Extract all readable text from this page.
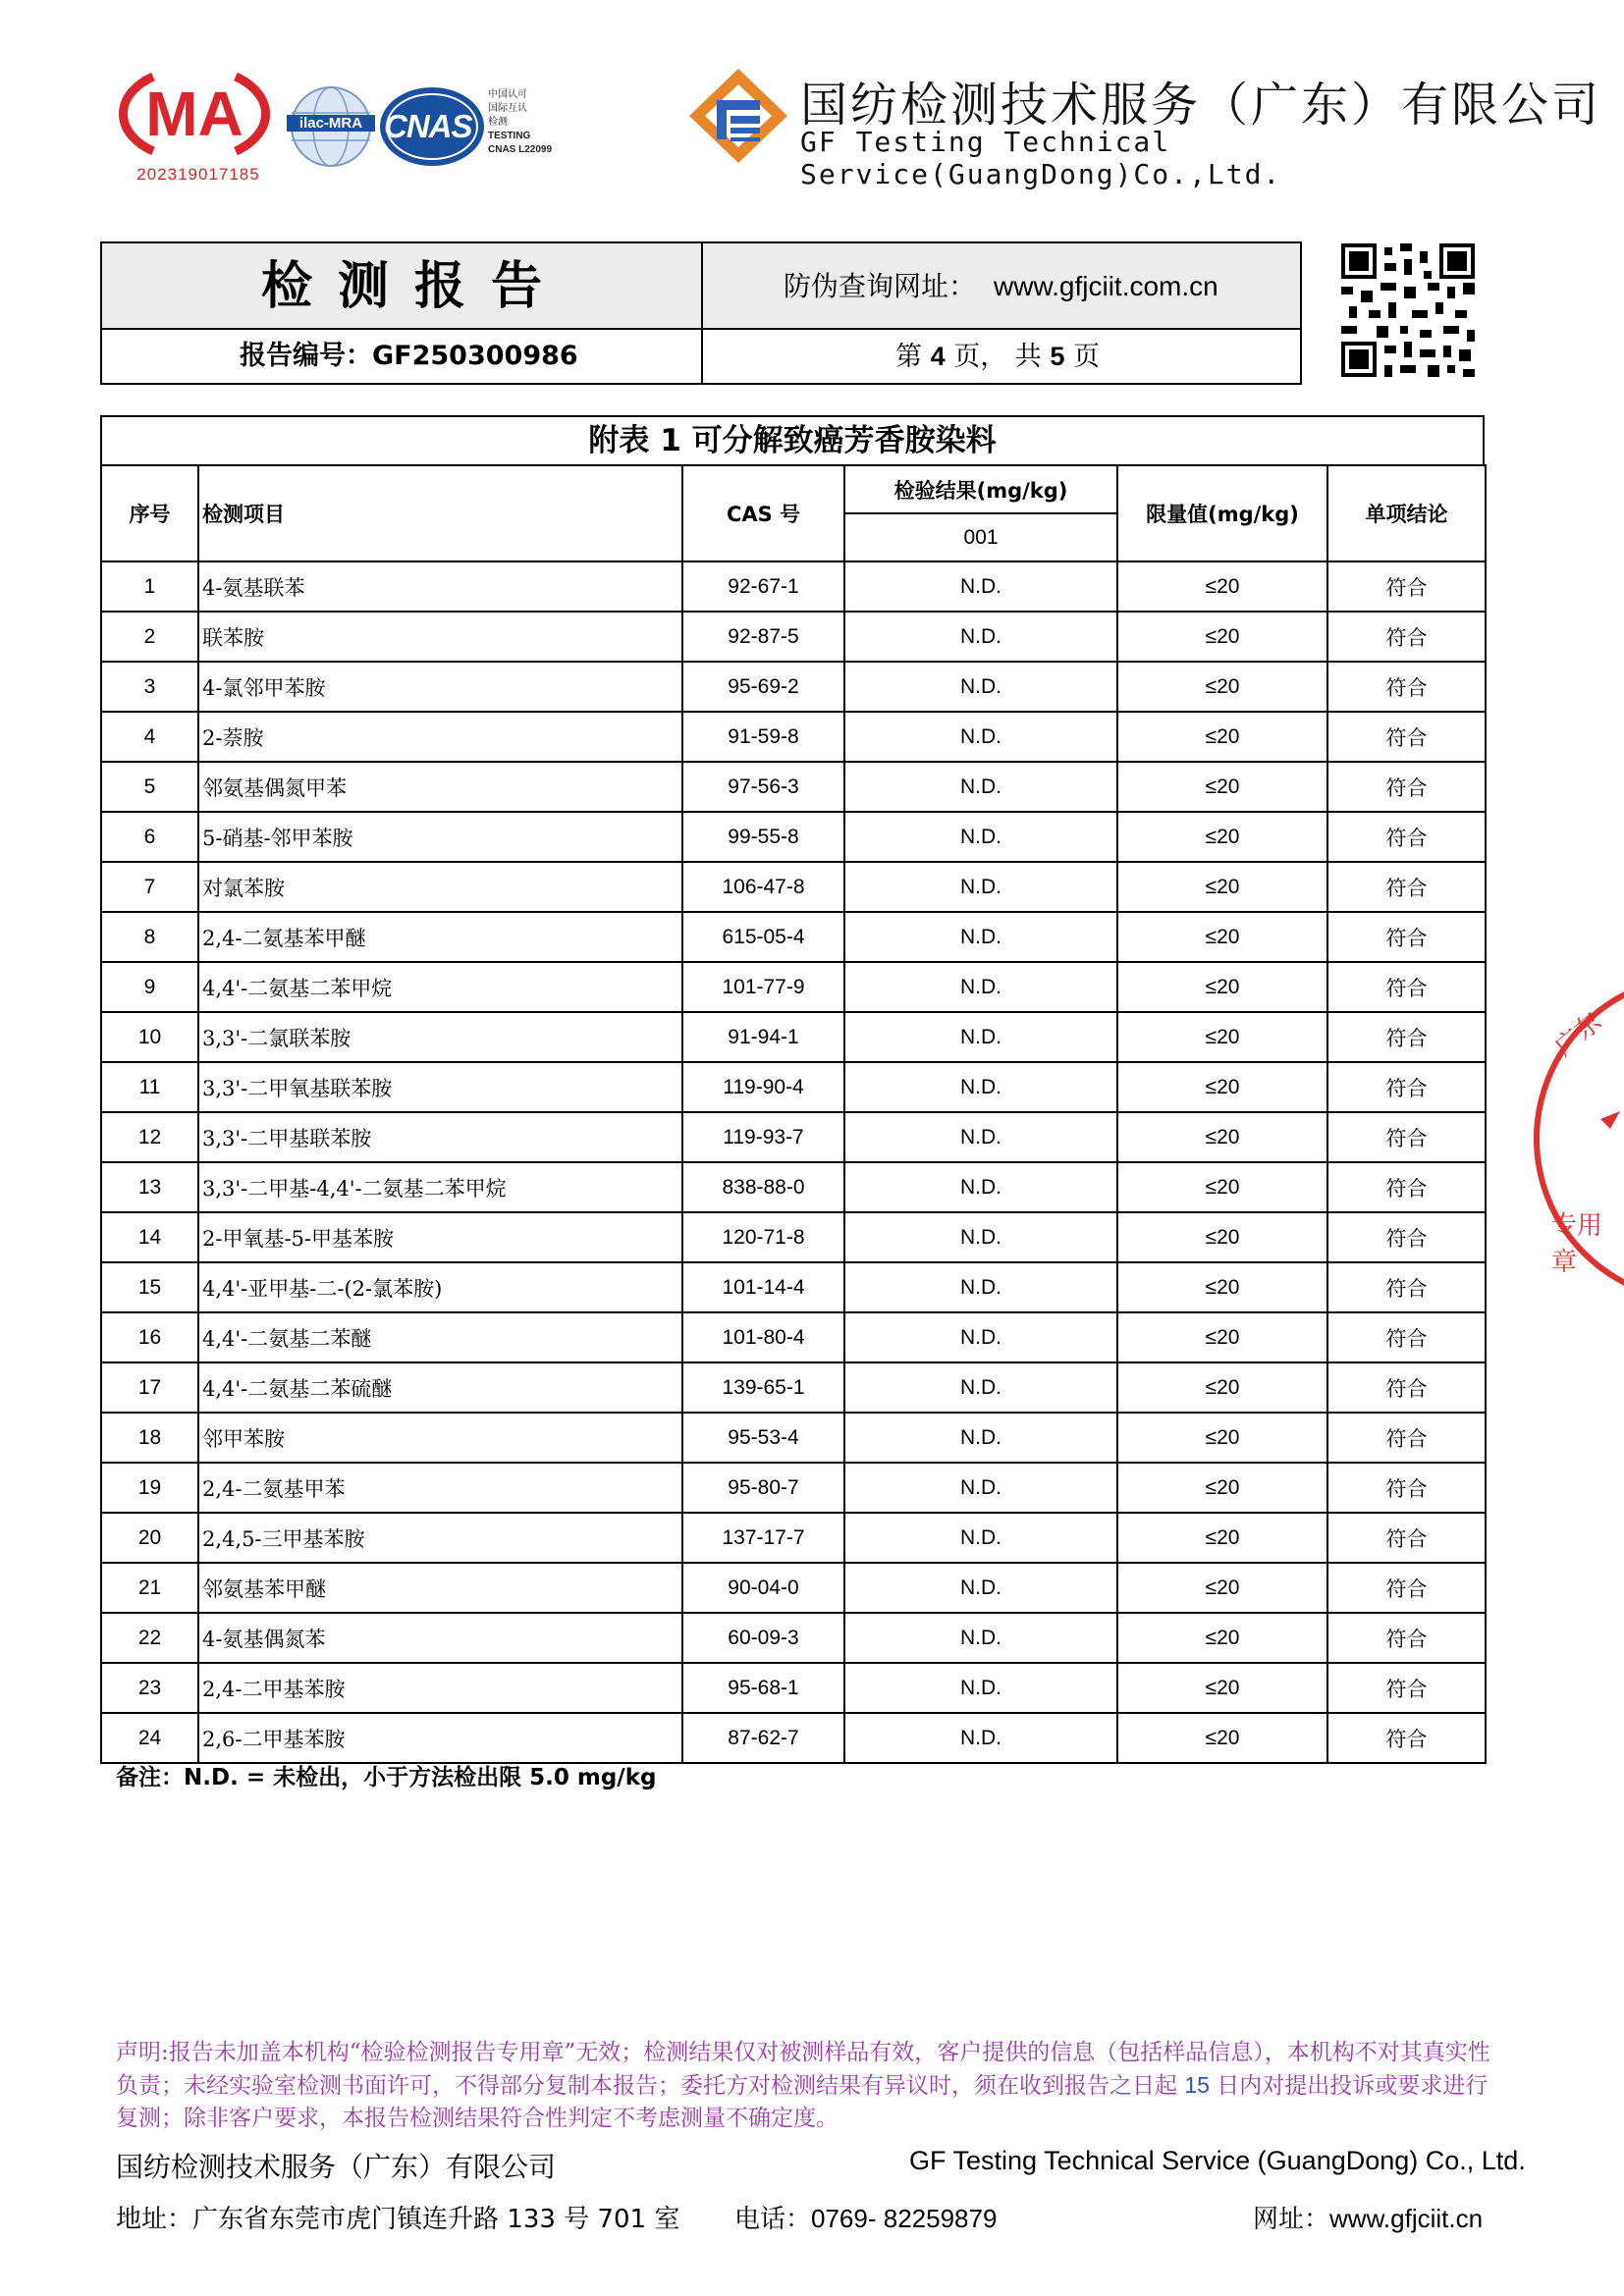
MA
202319017185
ilac-MRA CNAS
中国认可
国际互认
检测
TESTING
CNAS L22099
国纺检测技术服务（广东）有限公司
GF Testing Technical Service(GuangDong)Co.,Ltd.
检测报告	防伪查询网址： www.gfjciit.com.cn
报告编号：GF250300986	第 4 页， 共 5 页
附表 1 可分解致癌芳香胺染料
序号	检测项目	CAS 号	检验结果(mg/kg)	限量值(mg/kg)	单项结论
			001		
1	4-氨基联苯	92-67-1	N.D.	≤20	符合
2	联苯胺	92-87-5	N.D.	≤20	符合
3	4-氯邻甲苯胺	95-69-2	N.D.	≤20	符合
4	2-萘胺	91-59-8	N.D.	≤20	符合
5	邻氨基偶氮甲苯	97-56-3	N.D.	≤20	符合
6	5-硝基-邻甲苯胺	99-55-8	N.D.	≤20	符合
7	对氯苯胺	106-47-8	N.D.	≤20	符合
8	2,4-二氨基苯甲醚	615-05-4	N.D.	≤20	符合
9	4,4'-二氨基二苯甲烷	101-77-9	N.D.	≤20	符合
10	3,3'-二氯联苯胺	91-94-1	N.D.	≤20	符合
11	3,3'-二甲氧基联苯胺	119-90-4	N.D.	≤20	符合
12	3,3'-二甲基联苯胺	119-93-7	N.D.	≤20	符合
13	3,3'-二甲基-4,4'-二氨基二苯甲烷	838-88-0	N.D.	≤20	符合
14	2-甲氧基-5-甲基苯胺	120-71-8	N.D.	≤20	符合
15	4,4'-亚甲基-二-(2-氯苯胺)	101-14-4	N.D.	≤20	符合
16	4,4'-二氨基二苯醚	101-80-4	N.D.	≤20	符合
17	4,4'-二氨基二苯硫醚	139-65-1	N.D.	≤20	符合
18	邻甲苯胺	95-53-4	N.D.	≤20	符合
19	2,4-二氨基甲苯	95-80-7	N.D.	≤20	符合
20	2,4,5-三甲基苯胺	137-17-7	N.D.	≤20	符合
21	邻氨基苯甲醚	90-04-0	N.D.	≤20	符合
22	4-氨基偶氮苯	60-09-3	N.D.	≤20	符合
23	2,4-二甲基苯胺	95-68-1	N.D.	≤20	符合
24	2,6-二甲基苯胺	87-62-7	N.D.	≤20	符合
备注：N.D. = 未检出，小于方法检出限 5.0 mg/kg
广东
专用章
声明:报告未加盖本机构“检验检测报告专用章”无效；检测结果仅对被测样品有效，客户提供的信息（包括样品信息），本机构不对其真实性负责；未经实验室检测书面许可，不得部分复制本报告；委托方对检测结果有异议时，须在收到报告之日起 15 日内对提出投诉或要求进行复测；除非客户要求，本报告检测结果符合性判定不考虑测量不确定度。
国纺检测技术服务（广东）有限公司	GF Testing Technical Service (GuangDong) Co., Ltd.
地址：广东省东莞市虎门镇连升路 133 号 701 室 电话：0769- 82259879	网址：www.gfjciit.cn
